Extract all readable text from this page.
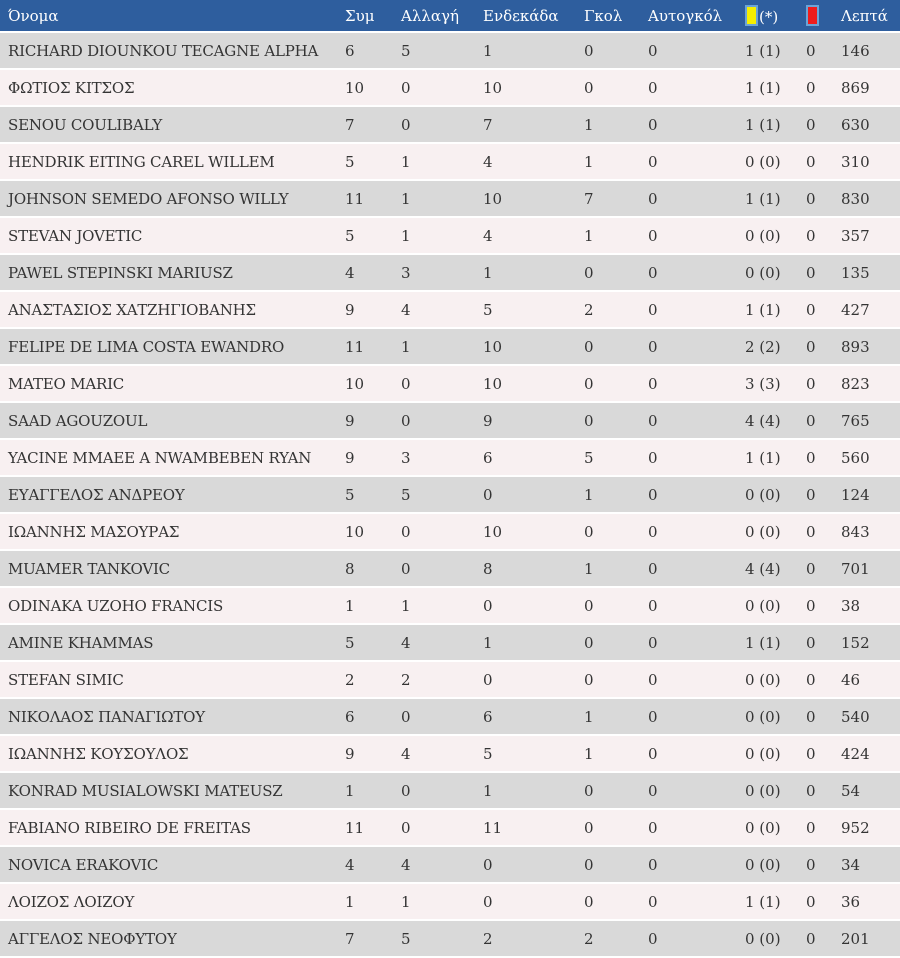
Όνομα	Συμ	Αλλαγή	Ενδεκάδα	Γκολ	Αυτογκόλ	(*)		Λεπτά
RICHARD DIOUNKOU TECAGNE ALPHA	6	5	1	0	0	1 (1)	0	146
ΦΩΤΙΟΣ ΚΙΤΣΟΣ	10	0	10	0	0	1 (1)	0	869
SENOU COULIBALY	7	0	7	1	0	1 (1)	0	630
HENDRIK EITING CAREL WILLEM	5	1	4	1	0	0 (0)	0	310
JOHNSON SEMEDO AFONSO WILLY	11	1	10	7	0	1 (1)	0	830
STEVAN JOVETIC	5	1	4	1	0	0 (0)	0	357
PAWEL STEPINSKI MARIUSZ	4	3	1	0	0	0 (0)	0	135
ΑΝΑΣΤΑΣΙΟΣ ΧΑΤΖΗΓΙΟΒΑΝΗΣ	9	4	5	2	0	1 (1)	0	427
FELIPE DE LIMA COSTA EWANDRO	11	1	10	0	0	2 (2)	0	893
MATEO MARIC	10	0	10	0	0	3 (3)	0	823
SAAD AGOUZOUL	9	0	9	0	0	4 (4)	0	765
YACINE MMAEE A NWAMBEBEN RYAN	9	3	6	5	0	1 (1)	0	560
ΕΥΑΓΓΕΛΟΣ ΑΝΔΡΕΟΥ	5	5	0	1	0	0 (0)	0	124
ΙΩΑΝΝΗΣ ΜΑΣΟΥΡΑΣ	10	0	10	0	0	0 (0)	0	843
MUAMER TANKOVIC	8	0	8	1	0	4 (4)	0	701
ODINAKA UZOHO FRANCIS	1	1	0	0	0	0 (0)	0	38
AMINE KHAMMAS	5	4	1	0	0	1 (1)	0	152
STEFAN SIMIC	2	2	0	0	0	0 (0)	0	46
ΝΙΚΟΛΑΟΣ ΠΑΝΑΓΙΩΤΟΥ	6	0	6	1	0	0 (0)	0	540
ΙΩΑΝΝΗΣ ΚΟΥΣΟΥΛΟΣ	9	4	5	1	0	0 (0)	0	424
KONRAD MUSIALOWSKI MATEUSZ	1	0	1	0	0	0 (0)	0	54
FABIANO RIBEIRO DE FREITAS	11	0	11	0	0	0 (0)	0	952
NOVICA ERAKOVIC	4	4	0	0	0	0 (0)	0	34
ΛΟΙΖΟΣ ΛΟΙΖΟΥ	1	1	0	0	0	1 (1)	0	36
ΑΓΓΕΛΟΣ ΝΕΟΦΥΤΟΥ	7	5	2	2	0	0 (0)	0	201
